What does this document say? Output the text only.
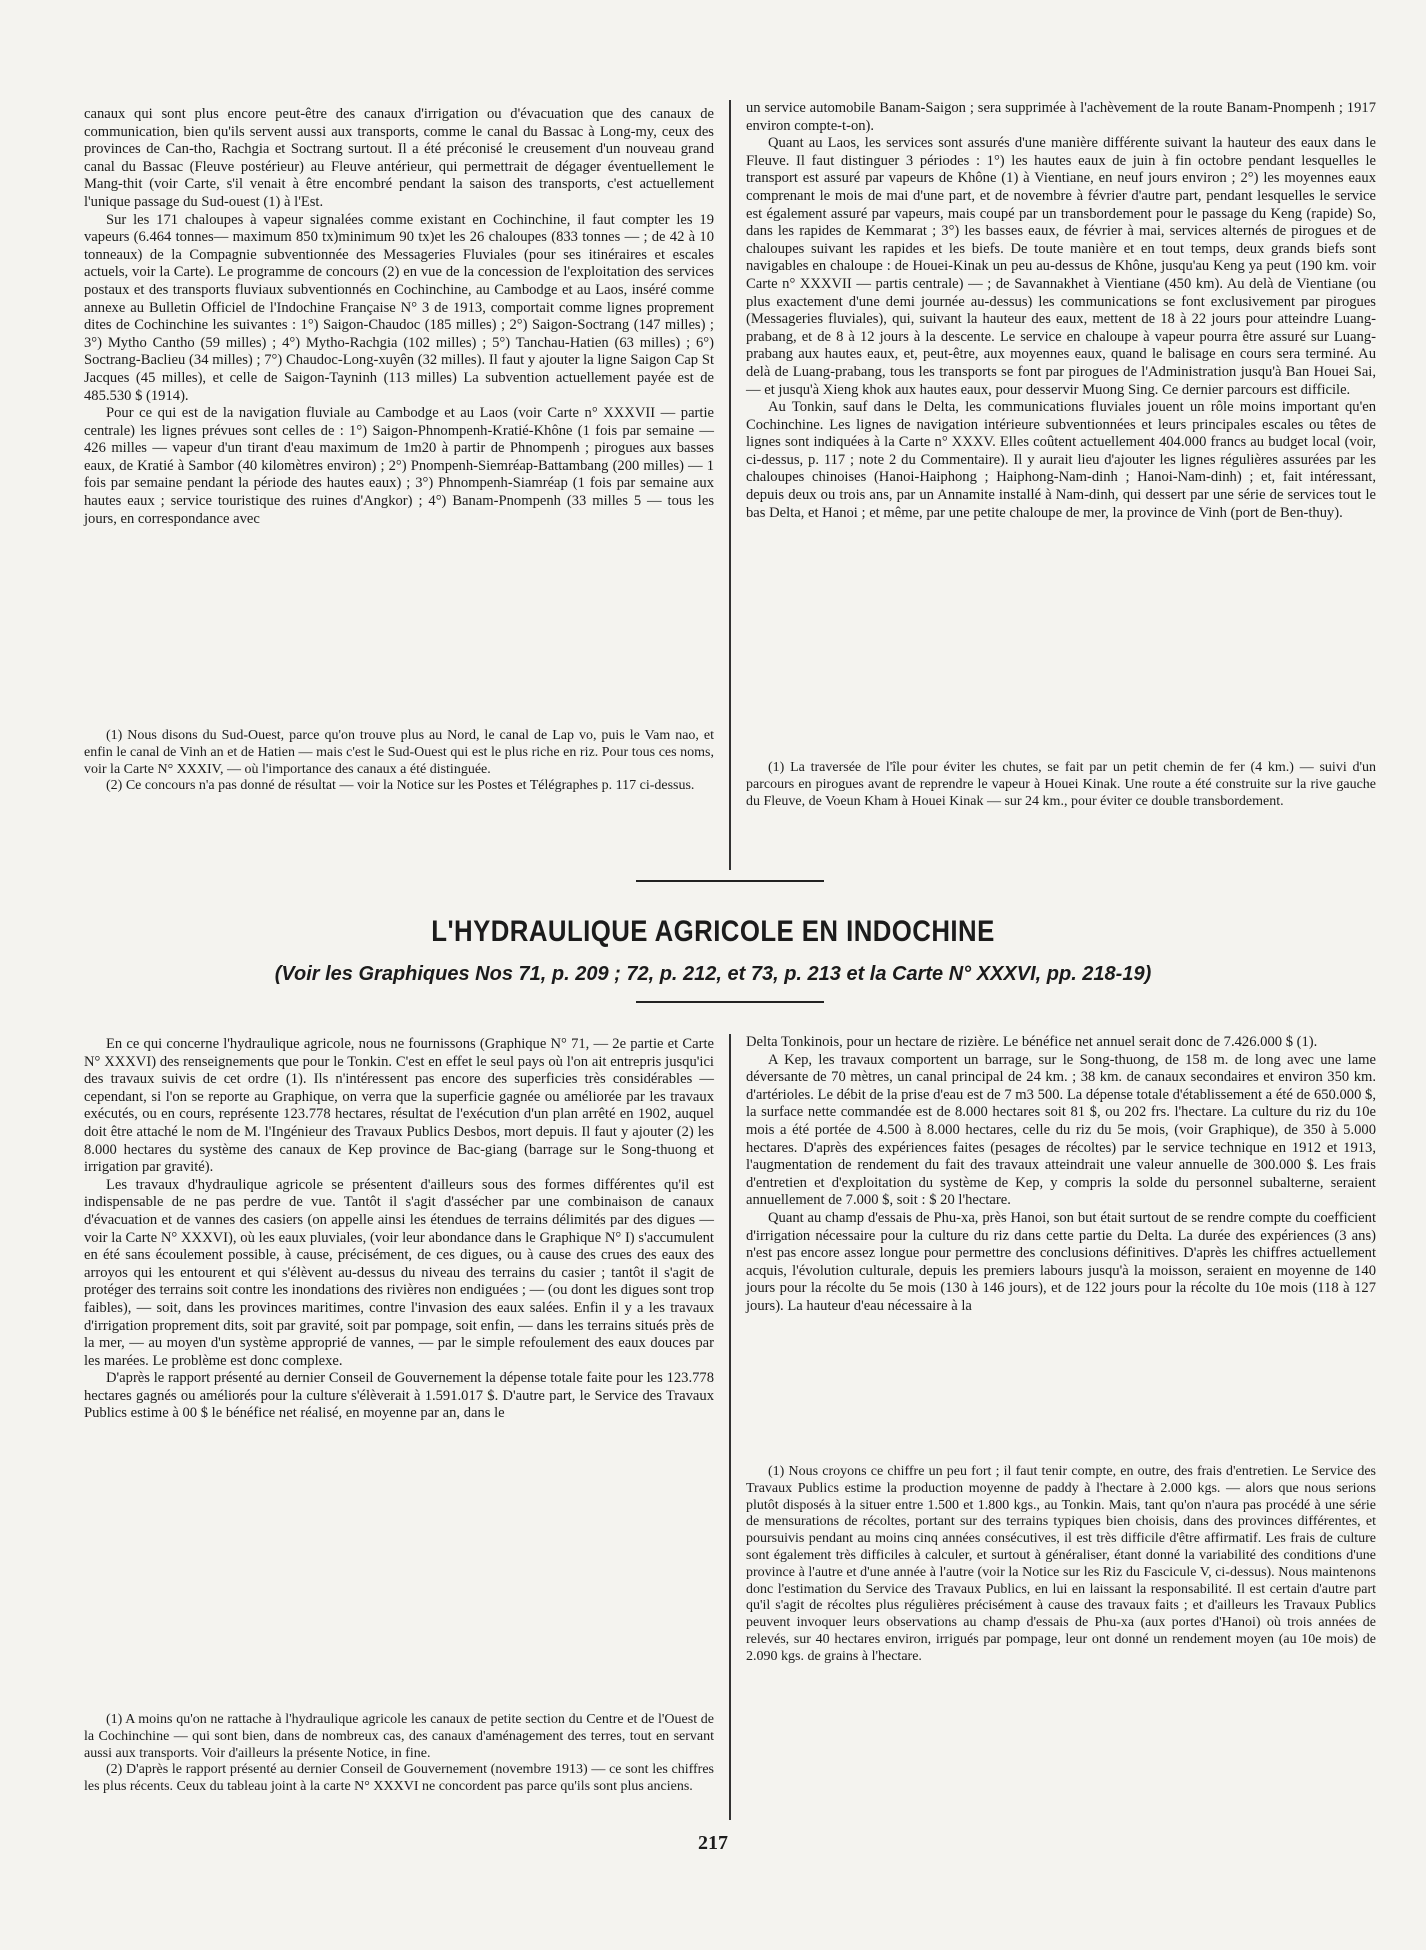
canaux qui sont plus encore peut-être des canaux d'irrigation ou d'évacuation que des canaux de communication, bien qu'ils servent aussi aux transports, comme le canal du Bassac à Long-my, ceux des provinces de Can-tho, Rachgia et Soctrang surtout. Il a été préconisé le creusement d'un nouveau grand canal du Bassac (Fleuve postérieur) au Fleuve antérieur, qui permettrait de dégager éventuellement le Mang-thit (voir Carte, s'il venait à être encombré pendant la saison des transports, c'est actuellement l'unique passage du Sud-ouest (1) à l'Est.

Sur les 171 chaloupes à vapeur signalées comme existant en Cochinchine, il faut compter les 19 vapeurs (6.464 tonnes— maximum 850 tx)minimum 90 tx)et les 26 chaloupes (833 tonnes — ; de 42 à 10 tonneaux) de la Compagnie subventionnée des Messageries Fluviales (pour ses itinéraires et escales actuels, voir la Carte). Le programme de concours (2) en vue de la concession de l'exploitation des services postaux et des transports fluviaux subventionnés en Cochinchine, au Cambodge et au Laos, inséré comme annexe au Bulletin Officiel de l'Indochine Française N° 3 de 1913, comportait comme lignes proprement dites de Cochinchine les suivantes : 1°) Saigon-Chaudoc (185 milles) ; 2°) Saigon-Soctrang (147 milles) ; 3°) Mytho Cantho (59 milles) ; 4°) Mytho-Rachgia (102 milles) ; 5°) Tanchau-Hatien (63 milles) ; 6°) Soctrang-Baclieu (34 milles) ; 7°) Chaudoc-Long-xuyên (32 milles). Il faut y ajouter la ligne Saigon Cap St Jacques (45 milles), et celle de Saigon-Tayninh (113 milles) La subvention actuellement payée est de 485.530 $ (1914).

Pour ce qui est de la navigation fluviale au Cambodge et au Laos (voir Carte n° XXXVII — partie centrale) les lignes prévues sont celles de : 1°) Saigon-Phnompenh-Kratié-Khône (1 fois par semaine — 426 milles — vapeur d'un tirant d'eau maximum de 1m20 à partir de Phnompenh ; pirogues aux basses eaux, de Kratié à Sambor (40 kilomètres environ) ; 2°) Pnompenh-Siemréap-Battambang (200 milles) — 1 fois par semaine pendant la période des hautes eaux) ; 3°) Phnompenh-Siamréap (1 fois par semaine aux hautes eaux ; service touristique des ruines d'Angkor) ; 4°) Banam-Pnompenh (33 milles 5 — tous les jours, en correspondance avec

(1) Nous disons du Sud-Ouest, parce qu'on trouve plus au Nord, le canal de Lap vo, puis le Vam nao, et enfin le canal de Vinh an et de Hatien — mais c'est le Sud-Ouest qui est le plus riche en riz. Pour tous ces noms, voir la Carte N° XXXIV, — où l'importance des canaux a été distinguée.

(2) Ce concours n'a pas donné de résultat — voir la Notice sur les Postes et Télégraphes p. 117 ci-dessus.

un service automobile Banam-Saigon ; sera supprimée à l'achèvement de la route Banam-Pnompenh ; 1917 environ compte-t-on).

Quant au Laos, les services sont assurés d'une manière différente suivant la hauteur des eaux dans le Fleuve. Il faut distinguer 3 périodes : 1°) les hautes eaux de juin à fin octobre pendant lesquelles le transport est assuré par vapeurs de Khône (1) à Vientiane, en neuf jours environ ; 2°) les moyennes eaux comprenant le mois de mai d'une part, et de novembre à février d'autre part, pendant lesquelles le service est également assuré par vapeurs, mais coupé par un transbordement pour le passage du Keng (rapide) So, dans les rapides de Kemmarat ; 3°) les basses eaux, de février à mai, services alternés de pirogues et de chaloupes suivant les rapides et les biefs. De toute manière et en tout temps, deux grands biefs sont navigables en chaloupe : de Houei-Kinak un peu au-dessus de Khône, jusqu'au Keng ya peut (190 km. voir Carte n° XXXVII — partis centrale) — ; de Savannakhet à Vientiane (450 km). Au delà de Vientiane (ou plus exactement d'une demi journée au-dessus) les communications se font exclusivement par pirogues (Messageries fluviales), qui, suivant la hauteur des eaux, mettent de 18 à 22 jours pour atteindre Luang-prabang, et de 8 à 12 jours à la descente. Le service en chaloupe à vapeur pourra être assuré sur Luang-prabang aux hautes eaux, et, peut-être, aux moyennes eaux, quand le balisage en cours sera terminé. Au delà de Luang-prabang, tous les transports se font par pirogues de l'Administration jusqu'à Ban Houei Sai, — et jusqu'à Xieng khok aux hautes eaux, pour desservir Muong Sing. Ce dernier parcours est difficile.

Au Tonkin, sauf dans le Delta, les communications fluviales jouent un rôle moins important qu'en Cochinchine. Les lignes de navigation intérieure subventionnées et leurs principales escales ou têtes de lignes sont indiquées à la Carte n° XXXV. Elles coûtent actuellement 404.000 francs au budget local (voir, ci-dessus, p. 117 ; note 2 du Commentaire). Il y aurait lieu d'ajouter les lignes régulières assurées par les chaloupes chinoises (Hanoi-Haiphong ; Haiphong-Nam-dinh ; Hanoi-Nam-dinh) ; et, fait intéressant, depuis deux ou trois ans, par un Annamite installé à Nam-dinh, qui dessert par une série de services tout le bas Delta, et Hanoi ; et même, par une petite chaloupe de mer, la province de Vinh (port de Ben-thuy).

(1) La traversée de l'île pour éviter les chutes, se fait par un petit chemin de fer (4 km.) — suivi d'un parcours en pirogues avant de reprendre le vapeur à Houei Kinak. Une route a été construite sur la rive gauche du Fleuve, de Voeun Kham à Houei Kinak — sur 24 km., pour éviter ce double transbordement.

L'HYDRAULIQUE AGRICOLE EN INDOCHINE
(Voir les Graphiques Nos 71, p. 209 ; 72, p. 212, et 73, p. 213 et la Carte N° XXXVI, pp. 218-19)

En ce qui concerne l'hydraulique agricole, nous ne fournissons (Graphique N° 71, — 2e partie et Carte N° XXXVI) des renseignements que pour le Tonkin. C'est en effet le seul pays où l'on ait entrepris jusqu'ici des travaux suivis de cet ordre (1). Ils n'intéressent pas encore des superficies très considérables — cependant, si l'on se reporte au Graphique, on verra que la superficie gagnée ou améliorée par les travaux exécutés, ou en cours, représente 123.778 hectares, résultat de l'exécution d'un plan arrêté en 1902, auquel doit être attaché le nom de M. l'Ingénieur des Travaux Publics Desbos, mort depuis. Il faut y ajouter (2) les 8.000 hectares du système des canaux de Kep province de Bac-giang (barrage sur le Song-thuong et irrigation par gravité).

Les travaux d'hydraulique agricole se présentent d'ailleurs sous des formes différentes qu'il est indispensable de ne pas perdre de vue. Tantôt il s'agit d'assécher par une combinaison de canaux d'évacuation et de vannes des casiers (on appelle ainsi les étendues de terrains délimités par des digues — voir la Carte N° XXXVI), où les eaux pluviales, (voir leur abondance dans le Graphique N° I) s'accumulent en été sans écoulement possible, à cause, précisément, de ces digues, ou à cause des crues des eaux des arroyos qui les entourent et qui s'élèvent au-dessus du niveau des terrains du casier ; tantôt il s'agit de protéger des terrains soit contre les inondations des rivières non endiguées ; — (ou dont les digues sont trop faibles), — soit, dans les provinces maritimes, contre l'invasion des eaux salées. Enfin il y a les travaux d'irrigation proprement dits, soit par gravité, soit par pompage, soit enfin, — dans les terrains situés près de la mer, — au moyen d'un système approprié de vannes, — par le simple refoulement des eaux douces par les marées. Le problème est donc complexe.

D'après le rapport présenté au dernier Conseil de Gouvernement la dépense totale faite pour les 123.778 hectares gagnés ou améliorés pour la culture s'élèverait à 1.591.017 $. D'autre part, le Service des Travaux Publics estime à 00 $ le bénéfice net réalisé, en moyenne par an, dans le

(1) A moins qu'on ne rattache à l'hydraulique agricole les canaux de petite section du Centre et de l'Ouest de la Cochinchine — qui sont bien, dans de nombreux cas, des canaux d'aménagement des terres, tout en servant aussi aux transports. Voir d'ailleurs la présente Notice, in fine.

(2) D'après le rapport présenté au dernier Conseil de Gouvernement (novembre 1913) — ce sont les chiffres les plus récents. Ceux du tableau joint à la carte N° XXXVI ne concordent pas parce qu'ils sont plus anciens.

Delta Tonkinois, pour un hectare de rizière. Le bénéfice net annuel serait donc de 7.426.000 $ (1).

A Kep, les travaux comportent un barrage, sur le Song-thuong, de 158 m. de long avec une lame déversante de 70 mètres, un canal principal de 24 km. ; 38 km. de canaux secondaires et environ 350 km. d'artérioles. Le débit de la prise d'eau est de 7 m3 500. La dépense totale d'établissement a été de 650.000 $, la surface nette commandée est de 8.000 hectares soit 81 $, ou 202 frs. l'hectare. La culture du riz du 10e mois a été portée de 4.500 à 8.000 hectares, celle du riz du 5e mois, (voir Graphique), de 350 à 5.000 hectares. D'après des expériences faites (pesages de récoltes) par le service technique en 1912 et 1913, l'augmentation de rendement du fait des travaux atteindrait une valeur annuelle de 300.000 $. Les frais d'entretien et d'exploitation du système de Kep, y compris la solde du personnel subalterne, seraient annuellement de 7.000 $, soit : $ 20 l'hectare.

Quant au champ d'essais de Phu-xa, près Hanoi, son but était surtout de se rendre compte du coefficient d'irrigation nécessaire pour la culture du riz dans cette partie du Delta. La durée des expériences (3 ans) n'est pas encore assez longue pour permettre des conclusions définitives. D'après les chiffres actuellement acquis, l'évolution culturale, depuis les premiers labours jusqu'à la moisson, seraient en moyenne de 140 jours pour la récolte du 5e mois (130 à 146 jours), et de 122 jours pour la récolte du 10e mois (118 à 127 jours). La hauteur d'eau nécessaire à la

(1) Nous croyons ce chiffre un peu fort ; il faut tenir compte, en outre, des frais d'entretien. Le Service des Travaux Publics estime la production moyenne de paddy à l'hectare à 2.000 kgs. — alors que nous serions plutôt disposés à la situer entre 1.500 et 1.800 kgs., au Tonkin. Mais, tant qu'on n'aura pas procédé à une série de mensurations de récoltes, portant sur des terrains typiques bien choisis, dans des provinces différentes, et poursuivis pendant au moins cinq années consécutives, il est très difficile d'être affirmatif. Les frais de culture sont également très difficiles à calculer, et surtout à généraliser, étant donné la variabilité des conditions d'une province à l'autre et d'une année à l'autre (voir la Notice sur les Riz du Fascicule V, ci-dessus). Nous maintenons donc l'estimation du Service des Travaux Publics, en lui en laissant la responsabilité. Il est certain d'autre part qu'il s'agit de récoltes plus régulières précisément à cause des travaux faits ; et d'ailleurs les Travaux Publics peuvent invoquer leurs observations au champ d'essais de Phu-xa (aux portes d'Hanoi) où trois années de relevés, sur 40 hectares environ, irrigués par pompage, leur ont donné un rendement moyen (au 10e mois) de 2.090 kgs. de grains à l'hectare.

217
